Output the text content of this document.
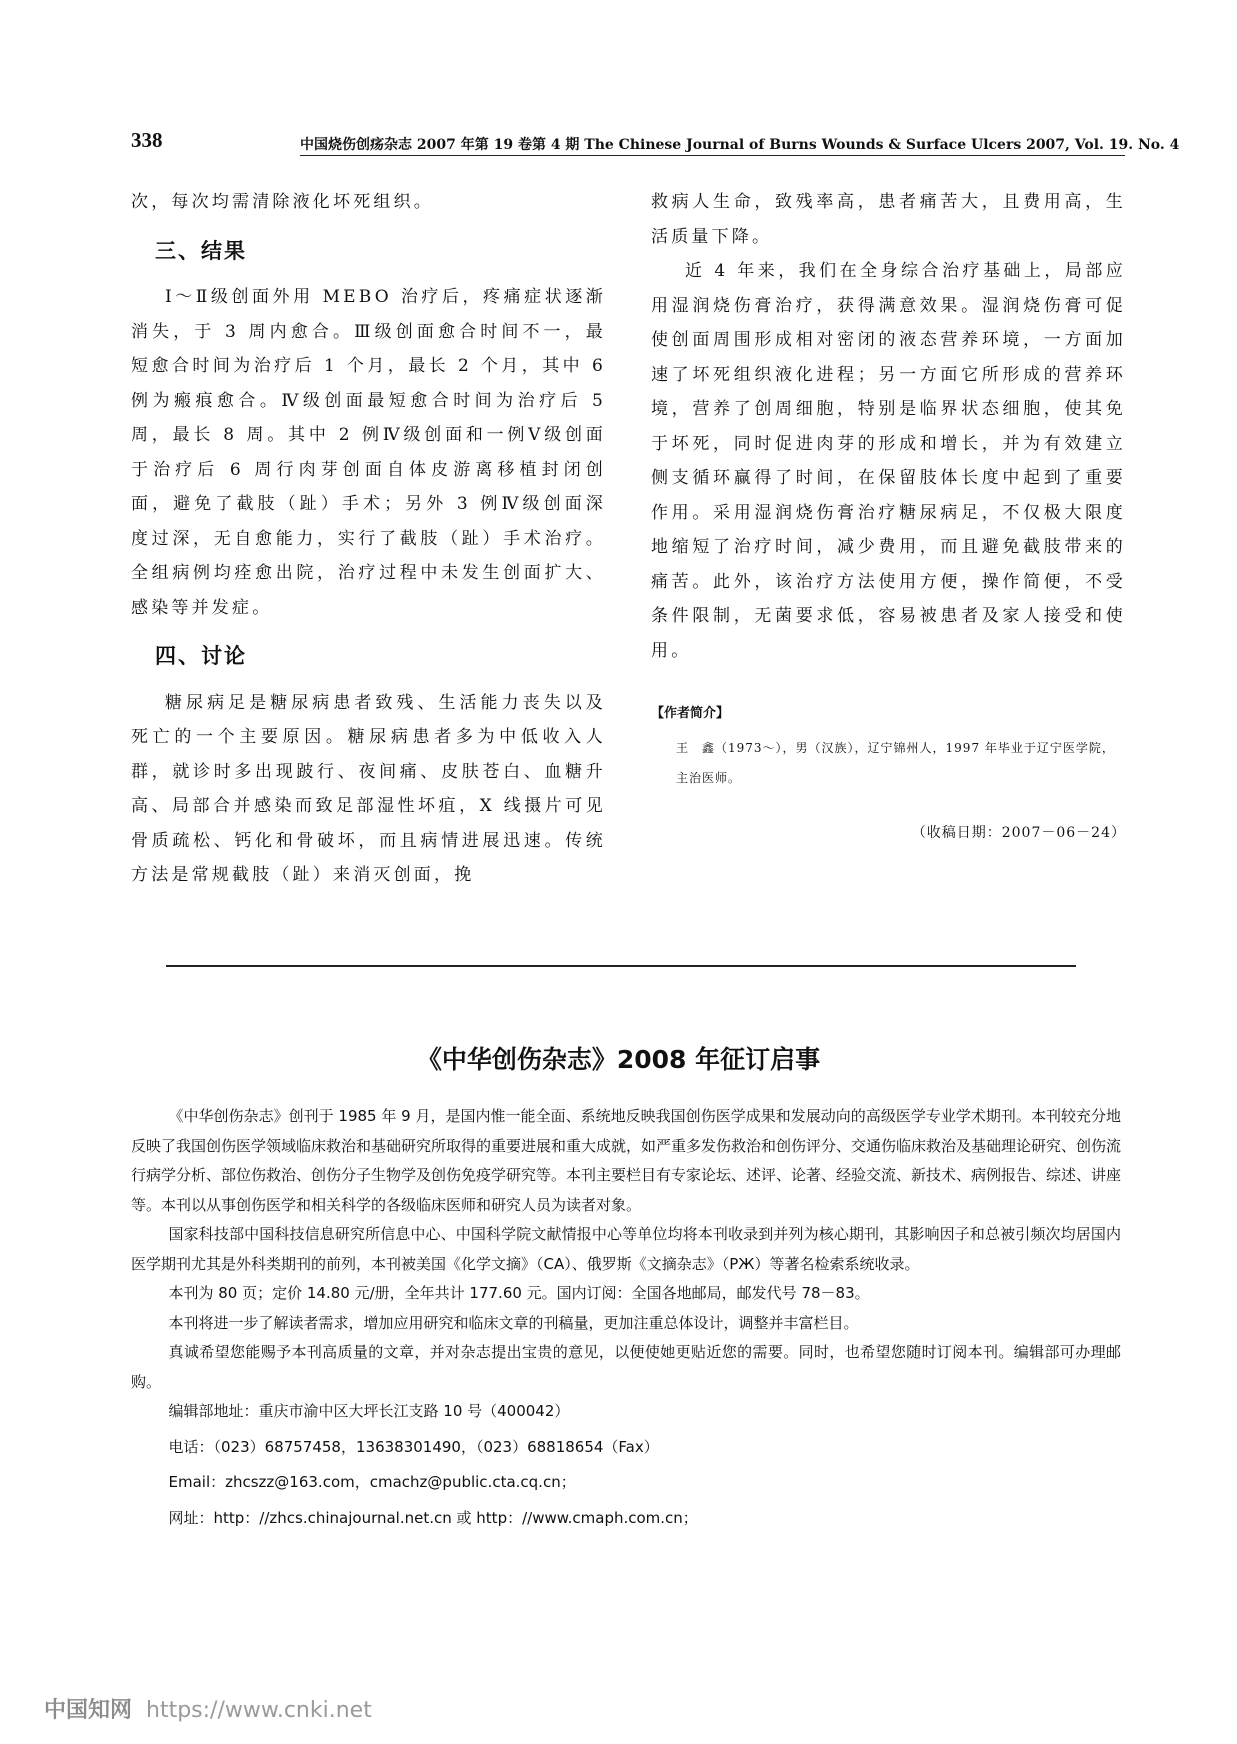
338	中国烧伤创疡杂志 2007 年第 19 卷第 4 期 The Chinese Journal of Burns Wounds & Surface Ulcers 2007, Vol. 19. No. 4

次，每次均需清除液化坏死组织。

三、结果

Ⅰ～Ⅱ级创面外用 MEBO 治疗后，疼痛症状逐渐消失，于 3 周内愈合。Ⅲ级创面愈合时间不一，最短愈合时间为治疗后 1 个月，最长 2 个月，其中 6 例为瘢痕愈合。Ⅳ级创面最短愈合时间为治疗后 5 周，最长 8 周。其中 2 例Ⅳ级创面和一例Ⅴ级创面于治疗后 6 周行肉芽创面自体皮游离移植封闭创面，避免了截肢（趾）手术；另外 3 例Ⅳ级创面深度过深，无自愈能力，实行了截肢（趾）手术治疗。全组病例均痊愈出院，治疗过程中未发生创面扩大、感染等并发症。

四、讨论

糖尿病足是糖尿病患者致残、生活能力丧失以及死亡的一个主要原因。糖尿病患者多为中低收入人群，就诊时多出现跛行、夜间痛、皮肤苍白、血糖升高、局部合并感染而致足部湿性坏疽，X 线摄片可见骨质疏松、钙化和骨破坏，而且病情进展迅速。传统方法是常规截肢（趾）来消灭创面，挽

救病人生命，致残率高，患者痛苦大，且费用高，生活质量下降。

近 4 年来，我们在全身综合治疗基础上，局部应用湿润烧伤膏治疗，获得满意效果。湿润烧伤膏可促使创面周围形成相对密闭的液态营养环境，一方面加速了坏死组织液化进程；另一方面它所形成的营养环境，营养了创周细胞，特别是临界状态细胞，使其免于坏死，同时促进肉芽的形成和增长，并为有效建立侧支循环赢得了时间，在保留肢体长度中起到了重要作用。采用湿润烧伤膏治疗糖尿病足，不仅极大限度地缩短了治疗时间，减少费用，而且避免截肢带来的痛苦。此外，该治疗方法使用方便，操作简便，不受条件限制，无菌要求低，容易被患者及家人接受和使用。

【作者简介】
王　鑫（1973～），男（汉族），辽宁锦州人，1997 年毕业于辽宁医学院，主治医师。
（收稿日期：2007－06－24）
《中华创伤杂志》2008 年征订启事

《中华创伤杂志》创刊于 1985 年 9 月，是国内惟一能全面、系统地反映我国创伤医学成果和发展动向的高级医学专业学术期刊。本刊较充分地反映了我国创伤医学领域临床救治和基础研究所取得的重要进展和重大成就，如严重多发伤救治和创伤评分、交通伤临床救治及基础理论研究、创伤流行病学分析、部位伤救治、创伤分子生物学及创伤免疫学研究等。本刊主要栏目有专家论坛、述评、论著、经验交流、新技术、病例报告、综述、讲座等。本刊以从事创伤医学和相关科学的各级临床医师和研究人员为读者对象。

国家科技部中国科技信息研究所信息中心、中国科学院文献情报中心等单位均将本刊收录到并列为核心期刊，其影响因子和总被引频次均居国内医学期刊尤其是外科类期刊的前列，本刊被美国《化学文摘》（CA）、俄罗斯《文摘杂志》（PЖ）等著名检索系统收录。

本刊为 80 页；定价 14.80 元/册，全年共计 177.60 元。国内订阅：全国各地邮局，邮发代号 78－83。

本刊将进一步了解读者需求，增加应用研究和临床文章的刊稿量，更加注重总体设计，调整并丰富栏目。

真诚希望您能赐予本刊高质量的文章，并对杂志提出宝贵的意见，以便使她更贴近您的需要。同时，也希望您随时订阅本刊。编辑部可办理邮购。

编辑部地址：重庆市渝中区大坪长江支路 10 号（400042）

电话：（023）68757458，13638301490，（023）68818654（Fax）

Email：zhcszz@163.com，cmachz@public.cta.cq.cn；

网址：http：//zhcs.chinajournal.net.cn 或 http：//www.cmaph.com.cn；

中国知网 https://www.cnki.net
